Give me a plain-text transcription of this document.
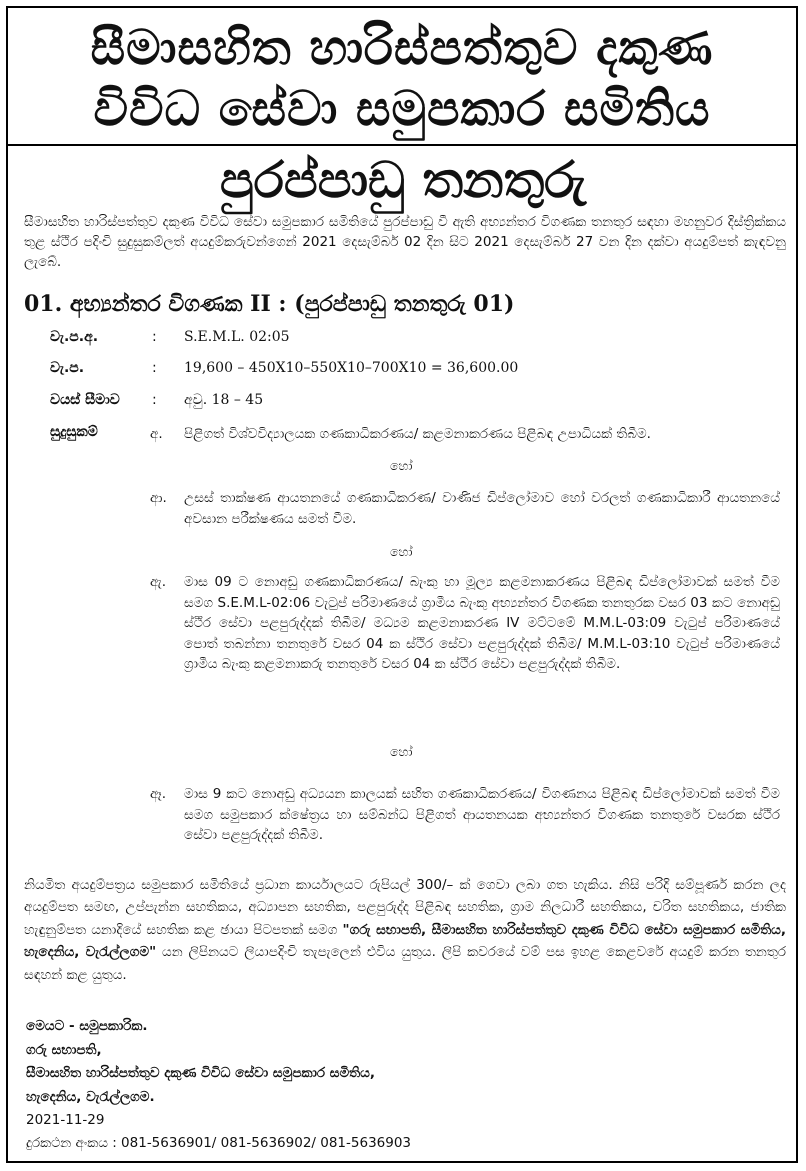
සීමාසහිත හාරිස්පත්තුව දකුණ
විවිධ සේවා සමුපකාර සමිතිය
පුරප්පාඩු තනතුරු
සීමාසහිත හාරිස්පත්තුව දකුණ විවිධ සේවා සමුපකාර සමිතියේ පුරප්පාඩු වී ඇති අභ්‍යන්තර විගණක තනතුර සඳහා මහනුවර දිස්ත්‍රික්කය තුළ ස්ථිර පදිංචි සුදුසුකම්ලත් අයදුම්කරුවන්ගෙන් 2021 දෙසැම්බර් 02 දින සිට 2021 දෙසැම්බර් 27 වන දින දක්වා අයදුම්පත් කැඳවනු ලැබේ.
01. අභ්‍යන්තර විගණක II : (පුරප්පාඩු තනතුරු 01)
වැ.ප.අ.	: S.E.M.L. 02:05
වැ.ප.	: 19,600 – 450X10–550X10–700X10 = 36,600.00
වයස් සීමාව	: අවු. 18 – 45
සුදුසුකම්	අ. පිළිගත් විශ්වවිද්‍යාලයක ගණකාධිකරණය/ කළමනාකරණය පිළිබඳ උපාධියක් තිබීම.
හෝ
ආ. උසස් තාක්ෂණ ආයතනයේ ගණකාධිකරණ/ වාණිජ ඩිප්ලෝමාව හෝ වරලත් ගණකාධිකාරී ආයතනයේ අවසාන පරීක්ෂණය සමත් වීම.
හෝ
ඇ. මාස 09 ට නොඅඩු ගණකාධිකරණය/ බැංකු හා මූල්‍ය කළමනාකරණය පිළිබඳ ඩිප්ලෝමාවක් සමත් වීම සමග S.E.M.L-02:06 වැටුප් පරිමාණයේ ග්‍රාමීය බැංකු අභ්‍යන්තර විගණක තනතුරක වසර 03 කට නොඅඩු ස්ථිර සේවා පළපුරුද්දක් තිබීම/ මධ්‍යම කළමනාකරණ IV මට්ටමේ M.M.L-03:09 වැටුප් පරිමාණයේ පොත් තබන්නා තනතුරේ වසර 04 ක ස්ථිර සේවා පළපුරුද්දක් තිබීම/ M.M.L-03:10 වැටුප් පරිමාණයේ ග්‍රාමීය බැංකු කළමනාකරු තනතුරේ වසර 04 ක ස්ථිර සේවා පළපුරුද්දක් තිබීම.
හෝ
ඈ. මාස 9 කට නොඅඩු අධ්‍යයන කාලයක් සහිත ගණකාධිකරණය/ විගණනය පිළිබඳ ඩිප්ලෝමාවක් සමත් වීම සමග සමුපකාර ක්ෂේත්‍රය හා සම්බන්ධ පිළිගත් ආයතනයක අභ්‍යන්තර විගණක තනතුරේ වසරක ස්ථිර සේවා පළපුරුද්දක් තිබීම.
නියමිත අයදුම්පත්‍රය සමුපකාර සමිතියේ ප්‍රධාන කාර්යාලයට රුපියල් 300/– ක් ගෙවා ලබා ගත හැකිය. නිසි පරිදි සම්පූර්ණ කරන ලද අයදුම්පත සමඟ, උප්පැන්න සහතිකය, අධ්‍යාපන සහතික, පළපුරුද්ද පිළිබඳ සහතික, ග්‍රාම නිලධාරී සහතිකය, චරිත සහතිකය, ජාතික හැඳුනුම්පත යනාදියේ සහතික කළ ඡායා පිටපතක් සමග "ගරු සභාපති, සීමාසහිත හාරිස්පත්තුව දකුණ විවිධ සේවා සමුපකාර සමිතිය, හැදෙනිය, වැරැල්ලගම" යන ලිපිනයට ලියාපදිංචි තැපැලෙන් එවිය යුතුය. ලිපි කවරයේ වම් පස ඉහළ කෙළවරේ අයදුම් කරන තනතුර සඳහන් කළ යුතුය.
මෙයට - සමුපකාරික.
ගරු සභාපති,
සීමාසහිත හාරිස්පත්තුව දකුණ විවිධ සේවා සමුපකාර සමිතිය,
හැදෙනිය, වැරැල්ලගම.
2021-11-29
දුරකථන අංකය : 081-5636901/ 081-5636902/ 081-5636903
